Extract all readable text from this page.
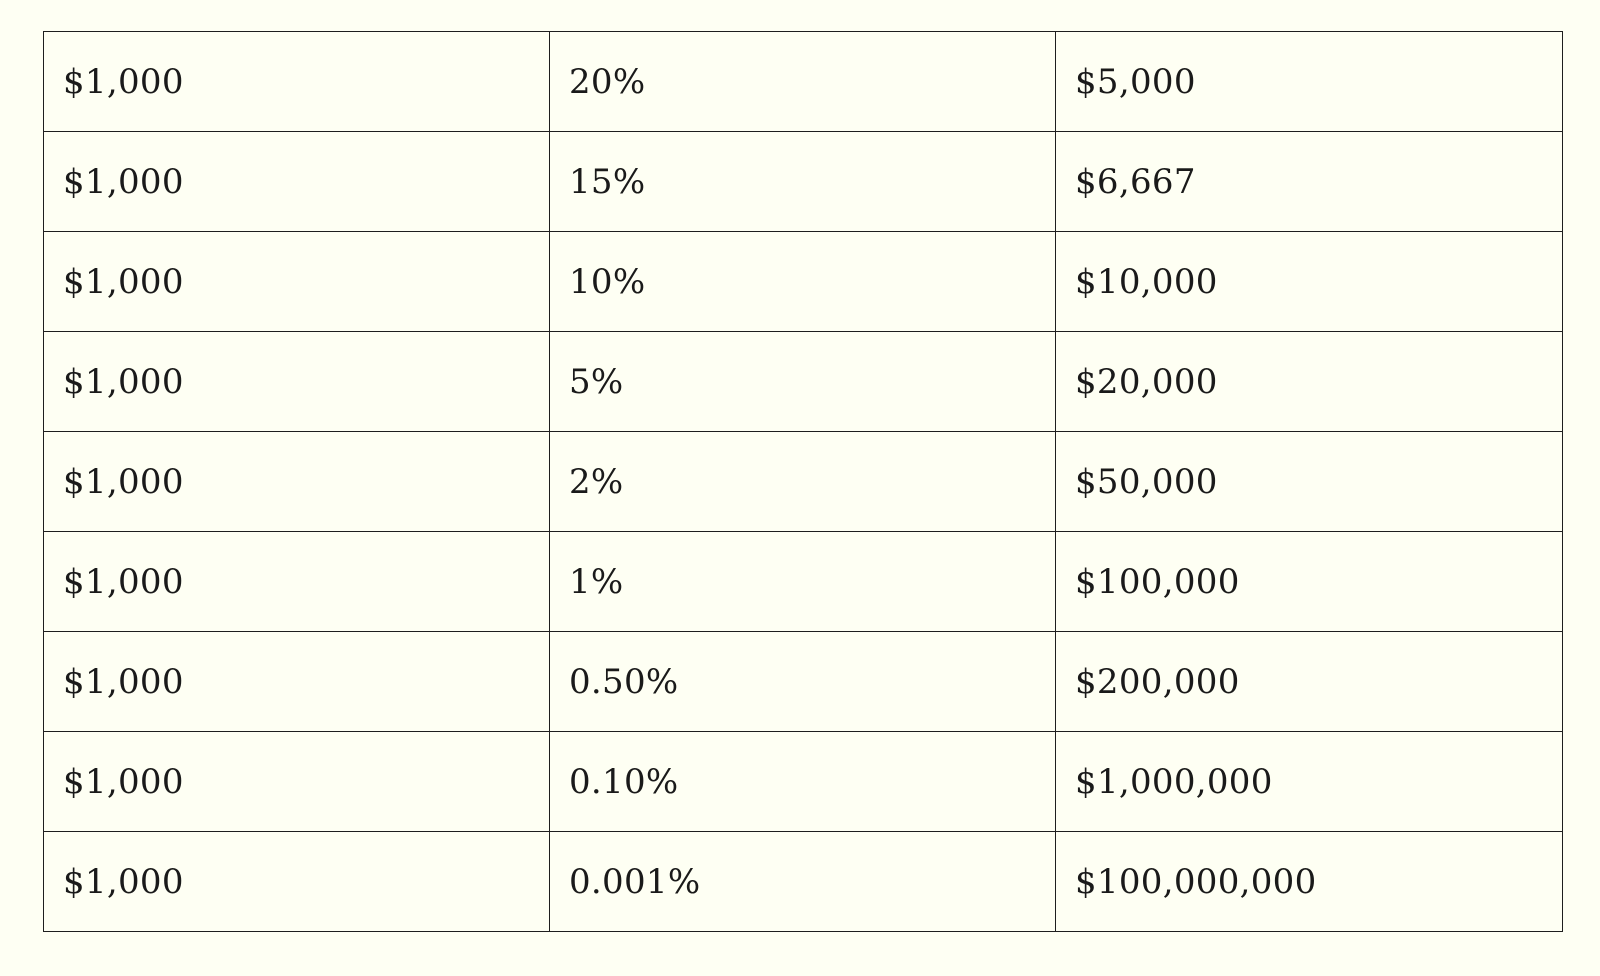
$1,000	20%	$5,000
$1,000	15%	$6,667
$1,000	10%	$10,000
$1,000	5%	$20,000
$1,000	2%	$50,000
$1,000	1%	$100,000
$1,000	0.50%	$200,000
$1,000	0.10%	$1,000,000
$1,000	0.001%	$100,000,000
